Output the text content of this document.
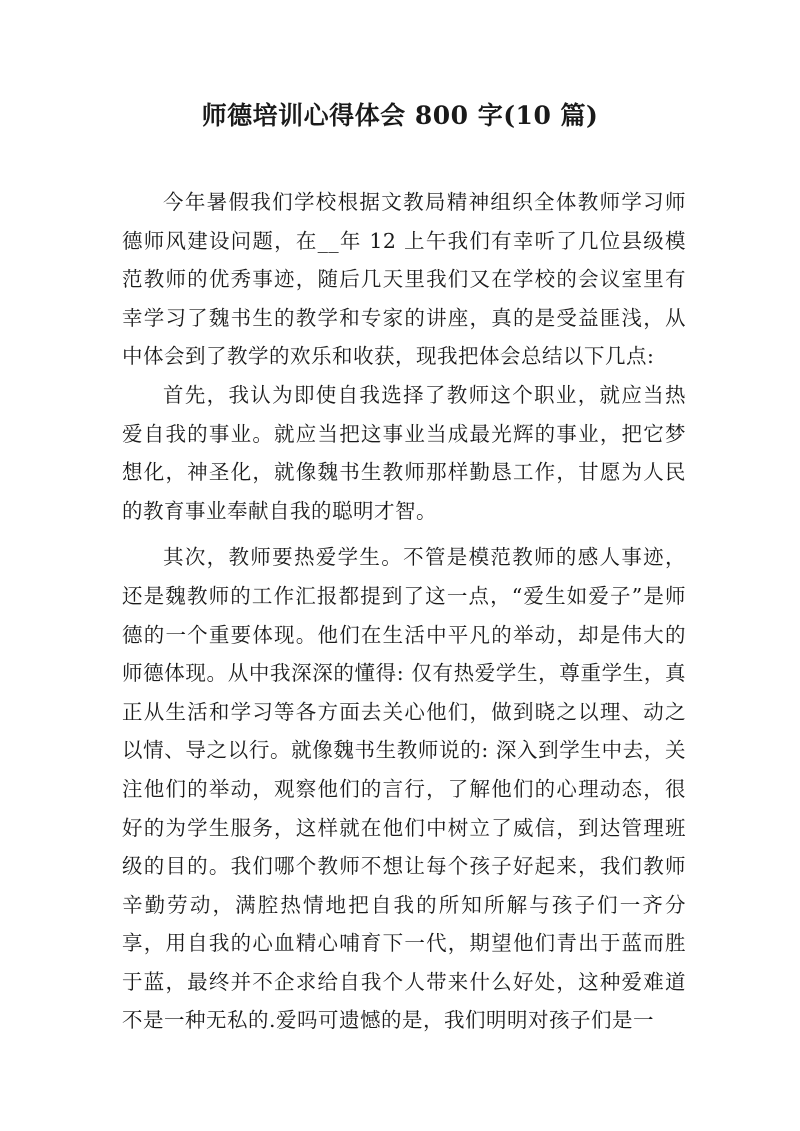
师德培训心得体会 800 字(10 篇)

今年暑假我们学校根据文教局精神组织全体教师学习师德师风建设问题，在__年 12 上午我们有幸听了几位县级模范教师的优秀事迹，随后几天里我们又在学校的会议室里有幸学习了魏书生的教学和专家的讲座，真的是受益匪浅，从中体会到了教学的欢乐和收获，现我把体会总结以下几点:

首先，我认为即使自我选择了教师这个职业，就应当热爱自我的事业。就应当把这事业当成最光辉的事业，把它梦想化，神圣化，就像魏书生教师那样勤恳工作，甘愿为人民的教育事业奉献自我的聪明才智。

其次，教师要热爱学生。不管是模范教师的感人事迹，还是魏教师的工作汇报都提到了这一点，“爱生如爱子”是师德的一个重要体现。他们在生活中平凡的举动，却是伟大的师德体现。从中我深深的懂得: 仅有热爱学生，尊重学生，真正从生活和学习等各方面去关心他们，做到晓之以理、动之以情、导之以行。就像魏书生教师说的: 深入到学生中去，关注他们的举动，观察他们的言行，了解他们的心理动态，很好的为学生服务，这样就在他们中树立了威信，到达管理班级的目的。我们哪个教师不想让每个孩子好起来，我们教师辛勤劳动，满腔热情地把自我的所知所解与孩子们一齐分享，用自我的心血精心哺育下一代，期望他们青出于蓝而胜于蓝，最终并不企求给自我个人带来什么好处，这种爱难道不是一种无私的.爱吗可遗憾的是，我们明明对孩子们是一
